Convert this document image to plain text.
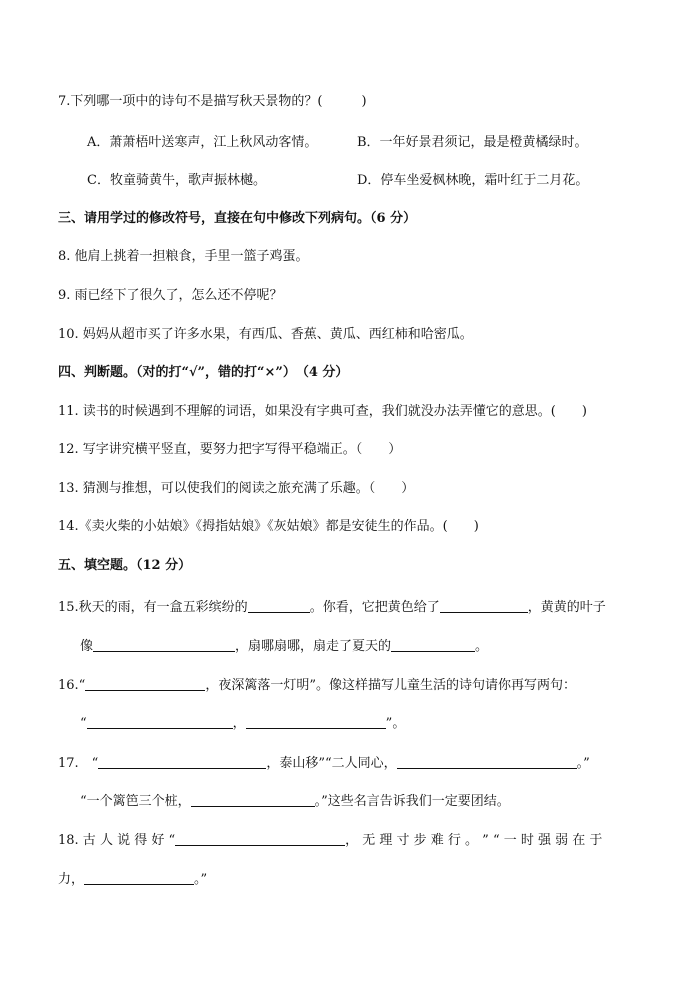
7.下列哪一项中的诗句不是描写秋天景物的？(　　　)
A．萧萧梧叶送寒声，江上秋风动客情。	B．一年好景君须记，最是橙黄橘绿时。
C．牧童骑黄牛，歌声振林樾。	D．停车坐爱枫林晚，霜叶红于二月花。
三、请用学过的修改符号，直接在句中修改下列病句。（6 分）
8. 他肩上挑着一担粮食，手里一篮子鸡蛋。
9. 雨已经下了很久了，怎么还不停呢？
10. 妈妈从超市买了许多水果，有西瓜、香蕉、黄瓜、西红柿和哈密瓜。
四、判断题。（对的打“√”，错的打“×”）　（4 分）
11. 读书的时候遇到不理解的词语，如果没有字典可查，我们就没办法弄懂它的意思。(　　)
12. 写字讲究横平竖直，要努力把字写得平稳端正。（　　）
13. 猜测与推想，可以使我们的阅读之旅充满了乐趣。（　　）
14.《卖火柴的小姑娘》《拇指姑娘》《灰姑娘》都是安徒生的作品。(　　)
五、填空题。（12 分）
15.秋天的雨，有一盒五彩缤纷的	。你看，它把黄色给了	，黄黄的叶子
像	，扇哪扇哪，扇走了夏天的	。
16.“	，夜深篱落一灯明”。像这样描写儿童生活的诗句请你再写两句：
“	，	”。
17.　“	，泰山移”“二人同心，	。”
“一个篱笆三个桩，	。”这些名言告诉我们一定要团结。
18. 古 人 说 得 好 “	， 无 理 寸 步 难 行 。 ” “ 一 时 强 弱 在 于
力，	。”
